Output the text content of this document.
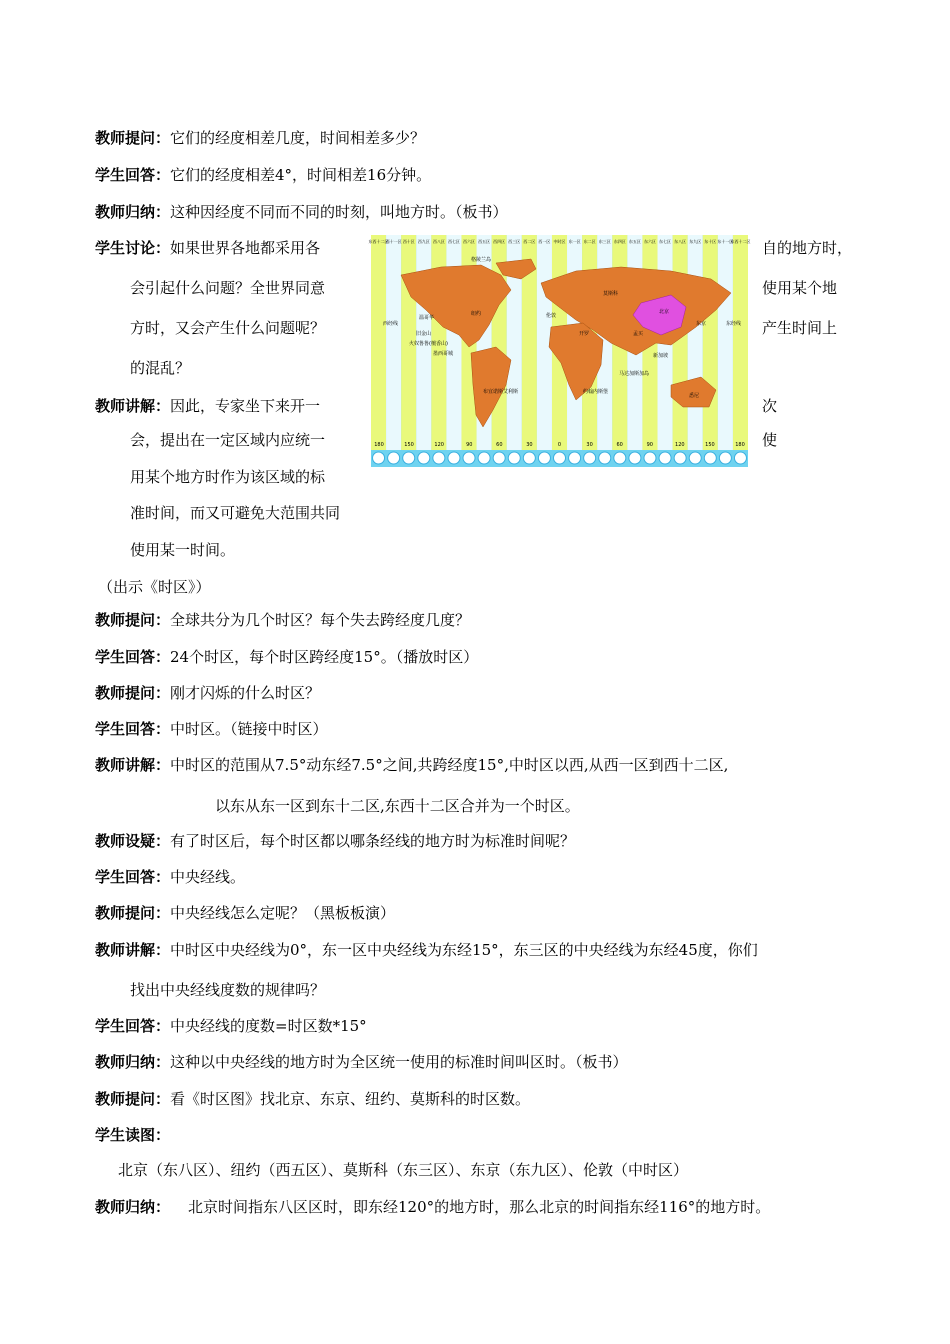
教师提问：它们的经度相差几度，时间相差多少？
学生回答：它们的经度相差4°，时间相差16分钟。
教师归纳：这种因经度不同而不同的时刻，叫地方时。（板书）
学生讨论：如果世界各地都采用各	自的地方时，
会引起什么问题？全世界同意	使用某个地
方时，又会产生什么问题呢？	产生时间上
的混乱？
教师讲解：因此，专家坐下来开一	次
会，提出在一定区域内应统一	使
用某个地方时作为该区域的标
准时间，而又可避免大范围共同
使用某一时间。
格陵兰岛
温哥华
旧金山
火奴鲁鲁(檀香山)
墨西哥城
纽约	伦敦
开罗
莫斯科
北京
东京
孟买
新加坡
悉尼
布宜诺斯艾利斯	约翰内斯堡
马达加斯加岛
西经线	东经线
东西十二区
西十一区 西十区 西九区 西八区 西七区 西六区 西五区 西四区 西三区 西二区 西一区 中时区 东一区 东二区 东三区 东四区 东五区 东六区 东七区 东八区 东九区 东十区 东十一区
东西十二区
180	150	120	90	60	30	0	30	60	90	120	150	180
（出示《时区》）
教师提问：全球共分为几个时区？每个失去跨经度几度？
学生回答：24个时区，每个时区跨经度15°。（播放时区）
教师提问：刚才闪烁的什么时区？
学生回答：中时区。（链接中时区）
教师讲解：中时区的范围从7.5°动东经7.5°之间,共跨经度15°,中时区以西,从西一区到西十二区,
以东从东一区到东十二区,东西十二区合并为一个时区。
教师设疑：有了时区后，每个时区都以哪条经线的地方时为标准时间呢？
学生回答：中央经线。
教师提问：中央经线怎么定呢？（黑板板演）
教师讲解：中时区中央经线为0°，东一区中央经线为东经15°，东三区的中央经线为东经45度，你们
找出中央经线度数的规律吗？
学生回答：中央经线的度数=时区数*15°
教师归纳：这种以中央经线的地方时为全区统一使用的标准时间叫区时。（板书）
教师提问：看《时区图》找北京、东京、纽约、莫斯科的时区数。
学生读图：
北京（东八区）、纽约（西五区）、莫斯科（东三区）、东京（东九区）、伦敦（中时区）
教师归纳： 北京时间指东八区区时，即东经120°的地方时，那么北京的时间指东经116°的地方时。
